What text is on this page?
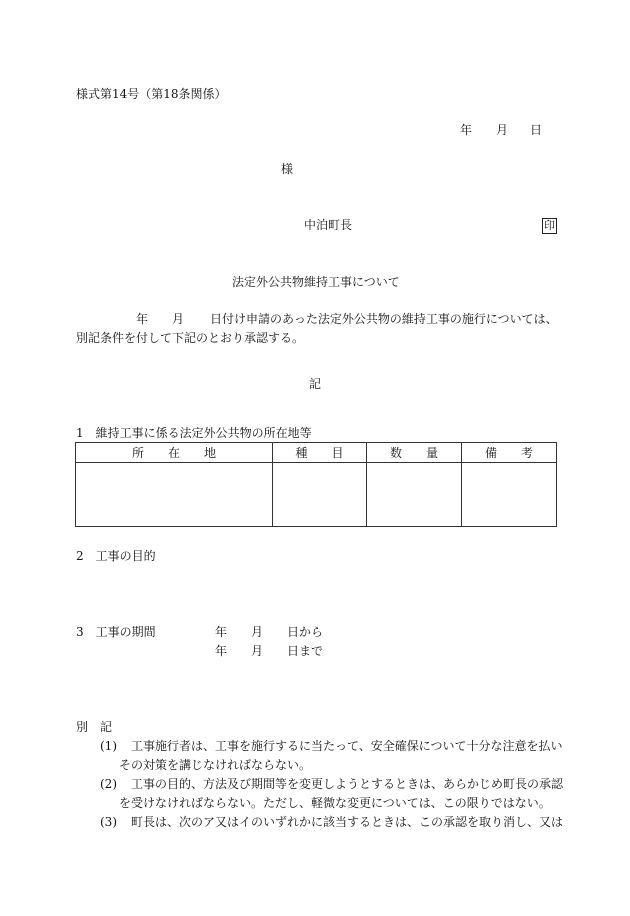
様式第14号（第18条関係）
年 月 日
様
中泊町長	印
法定外公共物維持工事について
年 月 日付け申請のあった法定外公共物の維持工事の施行については、
別記条件を付して下記のとおり承認する。
記
1　維持工事に係る法定外公共物の所在地等
所　　在　　地	種　　目	数　　量	備　　考

2　工事の目的
3　工事の期間	年 月 日から
年 月 日まで
別　記
(1) 工事施行者は、工事を施行するに当たって、安全確保について十分な注意を払い
その対策を講じなければならない。
(2) 工事の目的、方法及び期間等を変更しようとするときは、あらかじめ町長の承認
を受けなければならない。ただし、軽微な変更については、この限りではない。
(3) 町長は、次のア又はイのいずれかに該当するときは、この承認を取り消し、又は
